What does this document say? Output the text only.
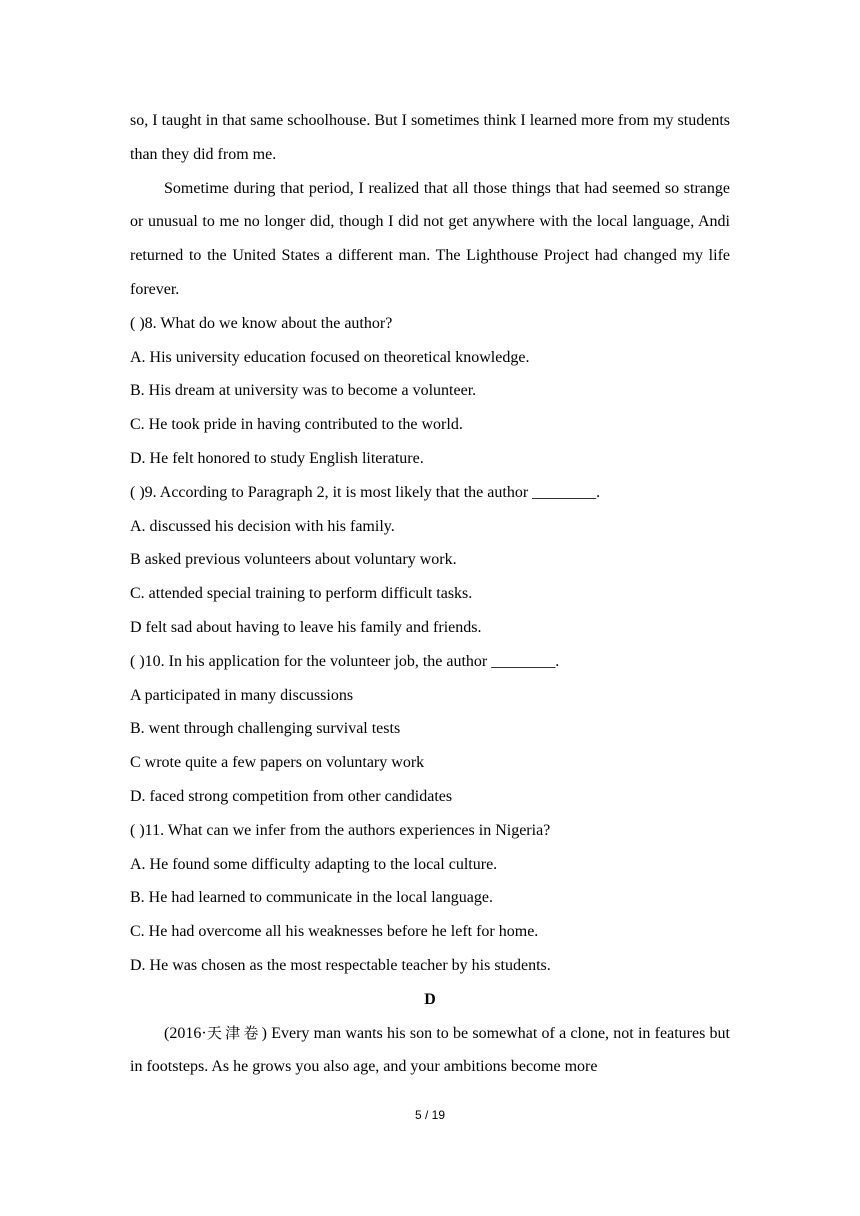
so, I taught in that same schoolhouse. But I sometimes think I learned more from my students than they did from me.
Sometime during that period, I realized that all those things that had seemed so strange or unusual to me no longer did, though I did not get anywhere with the local language, Andi returned to the United States a different man. The Lighthouse Project had changed my life forever.
( )8. What do we know about the author?
A. His university education focused on theoretical knowledge.
B. His dream at university was to become a volunteer.
C. He took pride in having contributed to the world.
D. He felt honored to study English literature.
( )9. According to Paragraph 2, it is most likely that the author ________.
A. discussed his decision with his family.
B asked previous volunteers about voluntary work.
C. attended special training to perform difficult tasks.
D felt sad about having to leave his family and friends.
( )10. In his application for the volunteer job, the author ________.
A participated in many discussions
B. went through challenging survival tests
C wrote quite a few papers on voluntary work
D. faced strong competition from other candidates
( )11. What can we infer from the authors experiences in Nigeria?
A. He found some difficulty adapting to the local culture.
B. He had learned to communicate in the local language.
C. He had overcome all his weaknesses before he left for home.
D. He was chosen as the most respectable teacher by his students.
D
(2016·天津卷) Every man wants his son to be somewhat of a clone, not in features but in footsteps. As he grows you also age, and your ambitions become more
5 / 19
